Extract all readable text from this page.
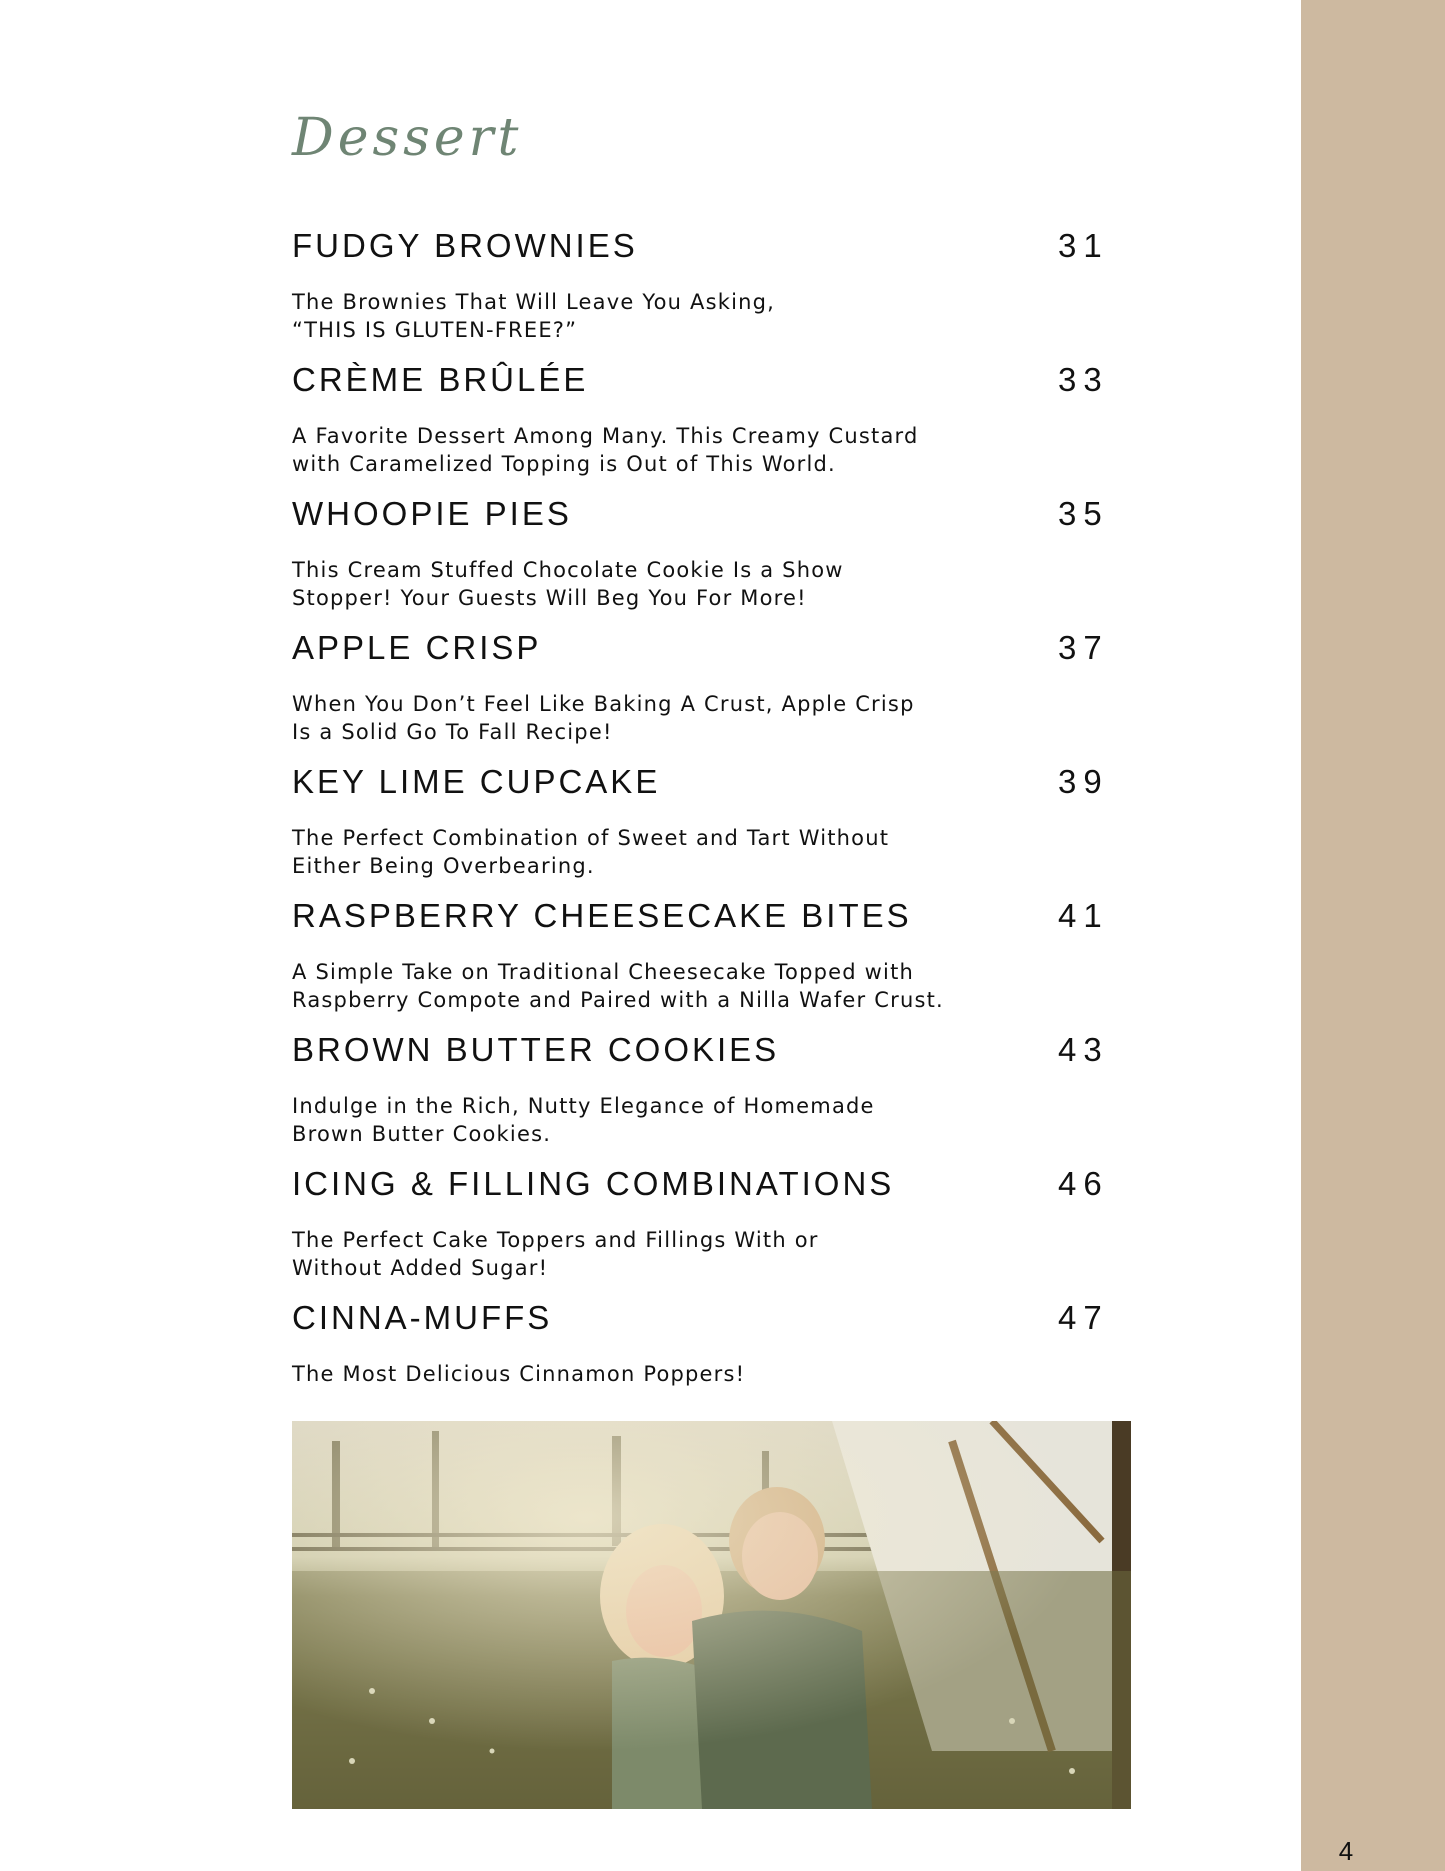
Dessert
FUDGY BROWNIES	31
The Brownies That Will Leave You Asking,
“THIS IS GLUTEN-FREE?”
CRÈME BRÛLÉE	33
A Favorite Dessert Among Many. This Creamy Custard
with Caramelized Topping is Out of This World.
WHOOPIE PIES	35
This Cream Stuffed Chocolate Cookie Is a Show
Stopper! Your Guests Will Beg You For More!
APPLE CRISP	37
When You Don’t Feel Like Baking A Crust, Apple Crisp
Is a Solid Go To Fall Recipe!
KEY LIME CUPCAKE	39
The Perfect Combination of Sweet and Tart Without
Either Being Overbearing.
RASPBERRY CHEESECAKE BITES	41
A Simple Take on Traditional Cheesecake Topped with
Raspberry Compote and Paired with a Nilla Wafer Crust.
BROWN BUTTER COOKIES	43
Indulge in the Rich, Nutty Elegance of Homemade
Brown Butter Cookies.
ICING & FILLING COMBINATIONS	46
The Perfect Cake Toppers and Fillings With or
Without Added Sugar!
CINNA-MUFFS	47
The Most Delicious Cinnamon Poppers!
4
